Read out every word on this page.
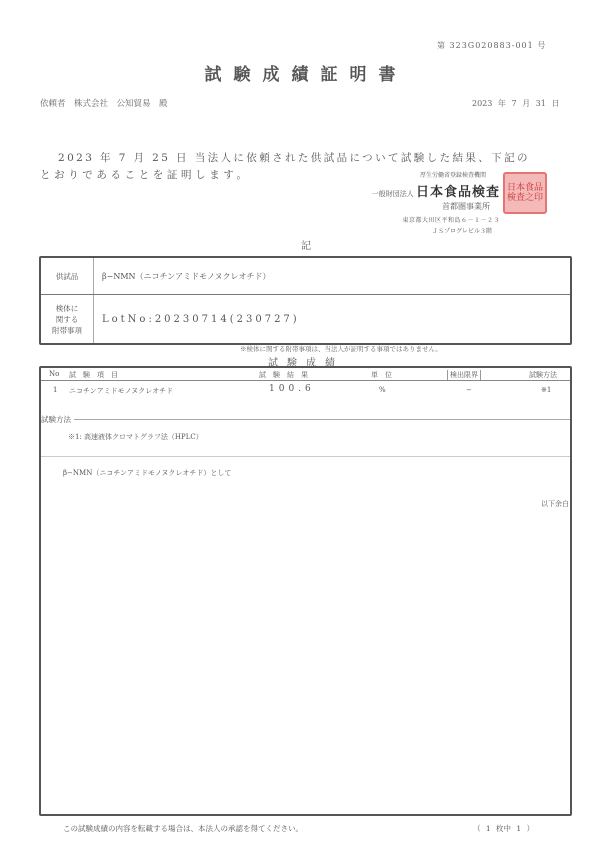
第 323G020883-001 号
試験成績証明書
依頼者　株式会社　公知貿易　殿	2023 年 7 月 31 日
2023 年 7 月 25 日 当法人に依頼された供試品について試験した結果、下記の
とおりであることを証明します。	厚生労働省登録検査機関
一般財団法人 日本食品検査
首都圏事業所
東京都大田区平和島６－１－２３
ＪＳプログレビル３階
日本食品検査之印
記
供試品	β−NMN（ニコチンアミドモノヌクレオチド）
検体に
関する
附帯事項
LotNo:20230714(230727)
※検体に関する附帯事項は、当法人が証明する事項ではありません。
試験成績
No 試　験　項　目	試　験　結　果	単　位	検出限界	試験方法
1 ニコチンアミドモノヌクレオチド	100.6	%	−	※1
試験方法
※1: 高速液体クロマトグラフ法（HPLC）
β−NMN（ニコチンアミドモノヌクレオチド）として
以下余白
この試験成績の内容を転載する場合は、本法人の承認を得てください。	（ 1 枚中 1 ）
